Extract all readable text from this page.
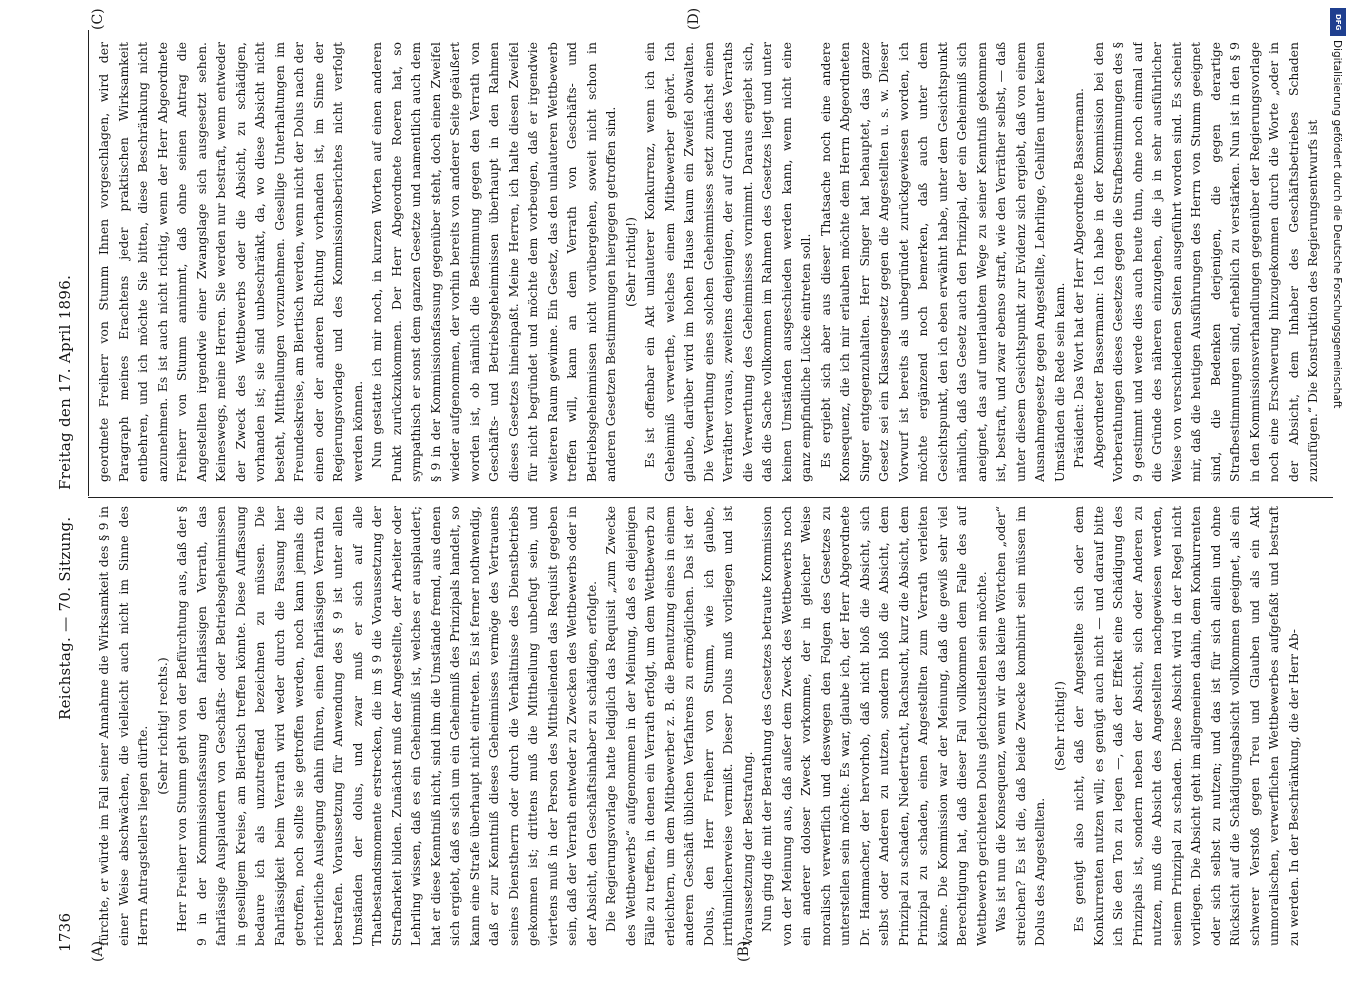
1736
Reichstag. — 70. Sitzung.
Freitag den 17. April 1896.
(A)	(B)
(C)	(D)

fürchte, er würde im Fall seiner Annahme die Wirksamkeit des § 9 in einer Weise abschwächen, die vielleicht auch nicht im Sinne des Herrn Antragstellers liegen dürfte. (Sehr richtig! rechts.) Herr Freiherr von Stumm geht von der Befürchtung aus, daß der § 9 in der Kommissionsfassung den fahrlässigen Verrath, das fahrlässige Ausplaudern von Geschäfts- oder Betriebsgeheimnissen in geselligem Kreise, am Biertisch treffen könnte. Diese Auffassung bedaure ich als unzutreffend bezeichnen zu müssen. Die Fahrlässigkeit beim Verrath wird weder durch die Fassung hier getroffen, noch sollte sie getroffen werden, noch kann jemals die richterliche Auslegung dahin führen, einen fahrlässigen Verrath zu bestrafen. Voraussetzung für Anwendung des § 9 ist unter allen Umständen der dolus, und zwar muß er sich auf alle Thatbestandsmomente erstrecken, die im § 9 die Voraussetzung der Strafbarkeit bilden. Zunächst muß der Angestellte, der Arbeiter oder Lehrling wissen, daß es ein Geheimniß ist, welches er ausplaudert; hat er diese Kenntniß nicht, sind ihm die Umstände fremd, aus denen sich ergiebt, daß es sich um ein Geheimniß des Prinzipals handelt, so kann eine Strafe überhaupt nicht eintreten. Es ist ferner nothwendig, daß er zur Kenntniß dieses Geheimnisses vermöge des Vertrauens seines Dienstherrn oder durch die Verhältnisse des Dienstbetriebs gekommen ist; drittens muß die Mittheilung unbefugt sein, und viertens muß in der Person des Mittheilenden das Requisit gegeben sein, daß der Verrath entweder zu Zwecken des Wettbewerbs oder in der Absicht, den Geschäftsinhaber zu schädigen, erfolgte. Die Regierungsvorlage hatte lediglich das Requisit „zum Zwecke des Wettbewerbs“ aufgenommen in der Meinung, daß es diejenigen Fälle zu treffen, in denen ein Verrath erfolgt, um dem Wettbewerb zu erleichtern, um dem Mitbewerber z. B. die Benutzung eines in einem anderen Geschäft üblichen Verfahrens zu ermöglichen. Das ist der Dolus, den Herr Freiherr von Stumm, wie ich glaube, irrthümlicherweise vermißt. Dieser Dolus muß vorliegen und ist Voraussetzung der Bestrafung. Nun ging die mit der Berathung des Gesetzes betraute Kommission von der Meinung aus, daß außer dem Zweck des Wettbewerbs noch ein anderer doloser Zweck vorkomme, der in gleicher Weise moralisch verwerflich und deswegen den Folgen des Gesetzes zu unterstellen sein möchte. Es war, glaube ich, der Herr Abgeordnete Dr. Hammacher, der hervorhob, daß nicht bloß die Absicht, sich selbst oder Anderen zu nutzen, sondern bloß die Absicht, dem Prinzipal zu schaden, Niedertracht, Rachsucht, kurz die Absicht, dem Prinzipal zu schaden, einen Angestellten zum Verrath verleiten könne. Die Kommission war der Meinung, daß die gewiß sehr viel Berechtigung hat, daß dieser Fall vollkommen dem Falle des auf Wettbewerb gerichteten Dolus gleichzustellen sein möchte. Was ist nun die Konsequenz, wenn wir das kleine Wörtchen „oder“ streichen? Es ist die, daß beide Zwecke kombinirt sein müssen im Dolus des Angestellten.

(Sehr richtig!) Es genügt also nicht, daß der Angestellte sich oder dem Konkurrenten nutzen will; es genügt auch nicht — und darauf bitte ich Sie den Ton zu legen —, daß der Effekt eine Schädigung des Prinzipals ist, sondern neben der Absicht, sich oder Anderen zu nutzen, muß die Absicht des Angestellten nachgewiesen werden, seinem Prinzipal zu schaden. Diese Absicht wird in der Regel nicht vorliegen. Die Absicht geht im allgemeinen dahin, dem Konkurrenten oder sich selbst zu nutzen; und das ist für sich allein und ohne Rücksicht auf die Schädigungsabsicht vollkommen geeignet, als ein schwerer Verstoß gegen Treu und Glauben und als ein Akt unmoralischen, verwerflichen Wettbewerbes aufgefaßt und bestraft zu werden. In der Beschränkung, die der Herr Ab-

geordnete Freiherr von Stumm Ihnen vorgeschlagen, wird der Paragraph meines Erachtens jeder praktischen Wirksamkeit entbehren, und ich möchte Sie bitten, diese Beschränkung nicht anzunehmen. Es ist auch nicht richtig, wenn der Herr Abgeordnete Freiherr von Stumm annimmt, daß ohne seinen Antrag die Angestellten irgendwie einer Zwangslage sich ausgesetzt sehen. Keineswegs, meine Herren. Sie werden nur bestraft, wenn entweder der Zweck des Wettbewerbs oder die Absicht, zu schädigen, vorhanden ist; sie sind unbeschränkt, da, wo diese Absicht nicht besteht, Mittheilungen vorzunehmen. Gesellige Unterhaltungen im Freundeskreise, am Biertisch werden, wenn nicht der Dolus nach der einen oder der anderen Richtung vorhanden ist, im Sinne der Regierungsvorlage und des Kommissionsberichtes nicht verfolgt werden können. Nun gestatte ich mir noch, in kurzen Worten auf einen anderen Punkt zurückzukommen. Der Herr Abgeordnete Roeren hat, so sympathisch er sonst dem ganzen Gesetze und namentlich auch dem § 9 in der Kommissionsfassung gegenüber steht, doch einen Zweifel wieder aufgenommen, der vorhin bereits von anderer Seite geäußert worden ist, ob nämlich die Bestimmung gegen den Verrath von Geschäfts- und Betriebsgeheimnissen überhaupt in den Rahmen dieses Gesetzes hineinpaßt. Meine Herren, ich halte diesen Zweifel für nicht begründet und möchte dem vorbeugen, daß er irgendwie weiteren Raum gewinne. Ein Gesetz, das den unlauteren Wettbewerb treffen will, kann an dem Verrath von Geschäfts- und Betriebsgeheimnissen nicht vorübergehen, soweit nicht schon in anderen Gesetzen Bestimmungen hiergegen getroffen sind. (Sehr richtig!) Es ist offenbar ein Akt unlauterer Konkurrenz, wenn ich ein Geheimniß verwerthe, welches einem Mitbewerber gehört. Ich glaube, darüber wird im hohen Hause kaum ein Zweifel obwalten. Die Verwerthung eines solchen Geheimnisses setzt zunächst einen Verräther voraus, zweitens denjenigen, der auf Grund des Verraths die Verwerthung des Geheimnisses vornimmt. Daraus ergiebt sich, daß die Sache vollkommen im Rahmen des Gesetzes liegt und unter keinen Umständen ausgeschieden werden kann, wenn nicht eine ganz empfindliche Lücke eintreten soll. Es ergiebt sich aber aus dieser Thatsache noch eine andere Konsequenz, die ich mir erlauben möchte dem Herrn Abgeordneten Singer entgegenzuhalten. Herr Singer hat behauptet, das ganze Gesetz sei ein Klassengesetz gegen die Angestellten u. s. w. Dieser Vorwurf ist bereits als unbegründet zurückgewiesen worden, ich möchte ergänzend noch bemerken, daß auch unter dem Gesichtspunkt, den ich eben erwähnt habe, unter dem Gesichtspunkt nämlich, daß das Gesetz auch den Prinzipal, der ein Geheimniß sich aneignet, das auf unerlaubtem Wege zu seiner Kenntniß gekommen ist, bestraft, und zwar ebenso straft, wie den Verräther selbst, — daß unter diesem Gesichtspunkt zur Evidenz sich ergiebt, daß von einem Ausnahmegesetz gegen Angestellte, Lehrlinge, Gehilfen unter keinen Umständen die Rede sein kann. Präsident: Das Wort hat der Herr Abgeordnete Bassermann. Abgeordneter Bassermann: Ich habe in der Kommission bei den Vorberathungen dieses Gesetzes gegen die Strafbestimmungen des § 9 gestimmt und werde dies auch heute thun, ohne noch einmal auf die Gründe des näheren einzugehen, die ja in sehr ausführlicher Weise von verschiedenen Seiten ausgeführt worden sind. Es scheint mir, daß die heutigen Ausführungen des Herrn von Stumm geeignet sind, die Bedenken derjenigen, die gegen derartige Strafbestimmungen sind, erheblich zu verstärken. Nun ist in den § 9 in den Kommissionsverhandlungen gegenüber der Regierungsvorlage noch eine Erschwerung hinzugekommen durch die Worte „oder in der Absicht, dem Inhaber des Geschäftsbetriebes Schaden zuzufügen.“ Die Konstruktion des Regierungsentwurfs ist

DFG
Digitalisierung gefördert durch die Deutsche Forschungsgemeinschaft
